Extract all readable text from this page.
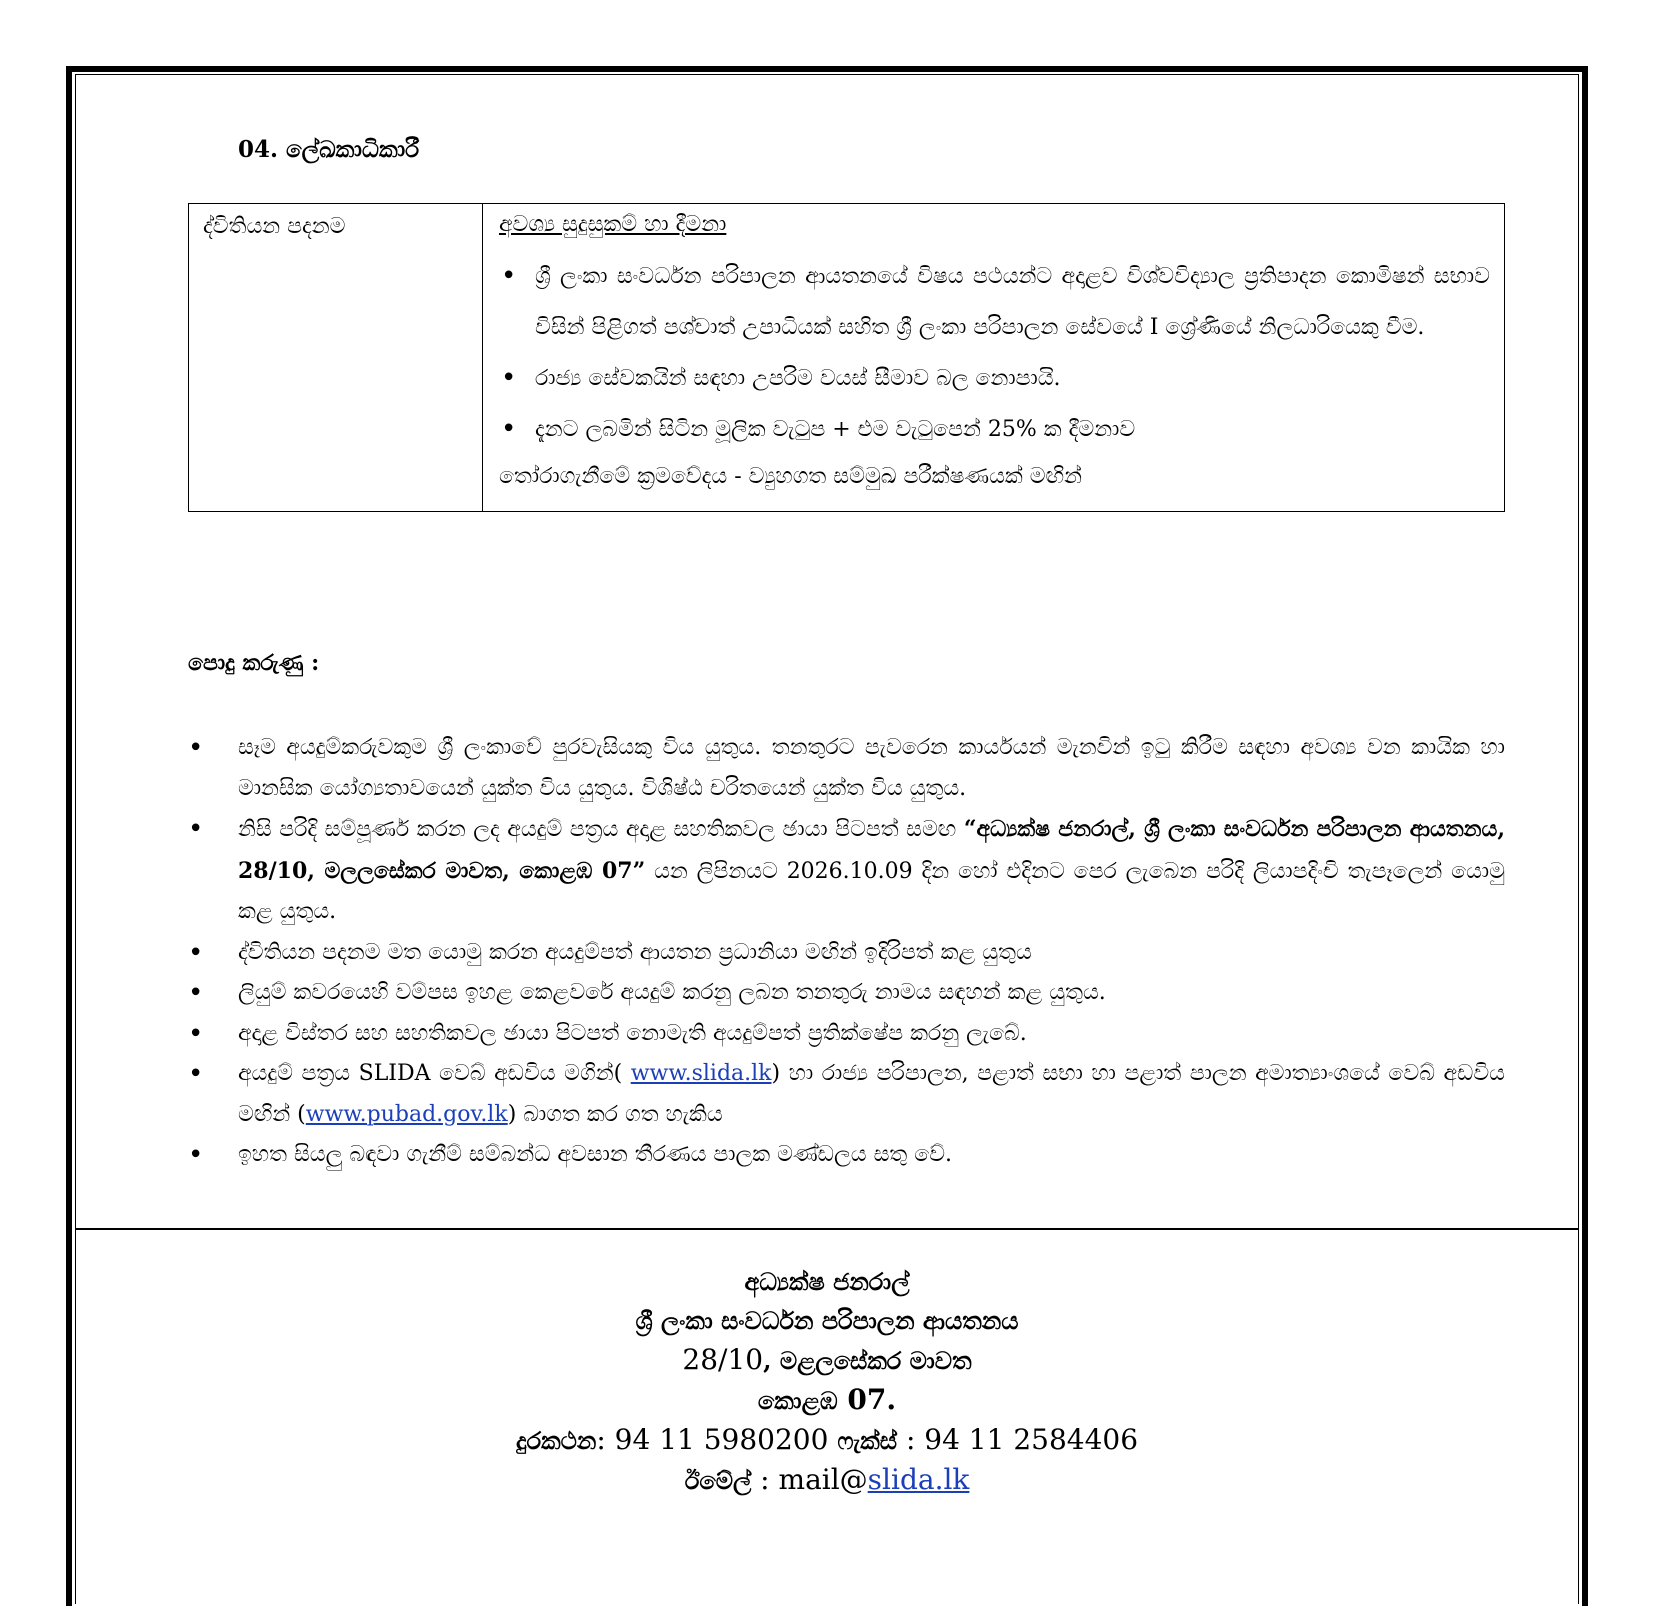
04. ලේඛකාධිකාරී
ද්විතියන පදනම	අවශ්‍ය සුදුසුකම් හා දීමනා
• ශ්‍රී ලංකා සංවර්ධන පරිපාලන ආයතනයේ විෂය පථයන්ට අදාළව විශ්වවිද්‍යාල ප්‍රතිපාදන කොමිෂන් සභාව විසින් පිළිගත් පශ්චාත් උපාධියක් සහිත ශ්‍රී ලංකා පරිපාලන සේවයේ I ශ්‍රේණියේ නිලධාරියෙකු වීම.
• රාජ්‍ය සේවකයින් සඳහා උපරිම වයස් සීමාව බල නොපායි.
• දැනට ලබමින් සිටින මූලික වැටුප + එම වැටුපෙන් 25% ක දීමනාව
තෝරාගැනීමේ ක්‍රමවේදය - ව්‍යුහගත සම්මුඛ පරීක්ෂණයක් මඟින්
පොදු කරුණු :
• සෑම අයදුම්කරුවකුම ශ්‍රී ලංකාවේ පුරවැසියකු විය යුතුය. තනතුරට පැවරෙන කාර්යයන් මැනවින් ඉටු කිරීම සඳහා අවශ්‍ය වන කායික හා මානසික යෝග්‍යතාවයෙන් යුක්ත විය යුතුය. විශිෂ්ඨ චරිතයෙන් යුක්ත විය යුතුය.
• නිසි පරිදි සම්පූර්ණ කරන ලද අයදුම් පත්‍රය අදාළ සහතිකවල ඡායා පිටපත් සමඟ “අධ්‍යක්ෂ ජනරාල්, ශ්‍රී ලංකා සංවර්ධන පරිපාලන ආයතනය, 28/10, මලලසේකර මාවත, කොළඹ 07” යන ලිපිනයට 2026.10.09 දින හෝ එදිනට පෙර ලැබෙන පරිදි ලියාපදිංචි තැපෑලෙන් යොමු කළ යුතුය.
• ද්විතියන පදනම මත යොමු කරන අයදුම්පත් ආයතන ප්‍රධානියා මඟින් ඉදිරිපත් කළ යුතුය
• ලියුම් කවරයෙහි වම්පස ඉහළ කෙළවරේ අයදුම් කරනු ලබන තනතුරු නාමය සඳහන් කළ යුතුය.
• අදාළ විස්තර සහ සහතිකවල ඡායා පිටපත් නොමැති අයදුම්පත් ප්‍රතික්ෂේප කරනු ලැබේ.
• අයදුම් පත්‍රය SLIDA වෙබ් අඩවිය මගින්( www.slida.lk) හා රාජ්‍ය පරිපාලන, පළාත් සභා හා පළාත් පාලන අමාත්‍යාංශයේ වෙබ් අඩවිය මඟින් (www.pubad.gov.lk) බාගත කර ගත හැකිය
• ඉහත සියලු බඳවා ගැනීම් සම්බන්ධ අවසාන තීරණය පාලක මණ්ඩලය සතු වේ.
අධ්‍යක්ෂ ජනරාල්
ශ්‍රී ලංකා සංවර්ධන පරිපාලන ආයතනය
28/10, මළලසේකර මාවත
කොළඹ 07.
දුරකථන: 94 11 5980200 ෆැක්ස් : 94 11 2584406
ඊමේල් : mail@slida.lk
